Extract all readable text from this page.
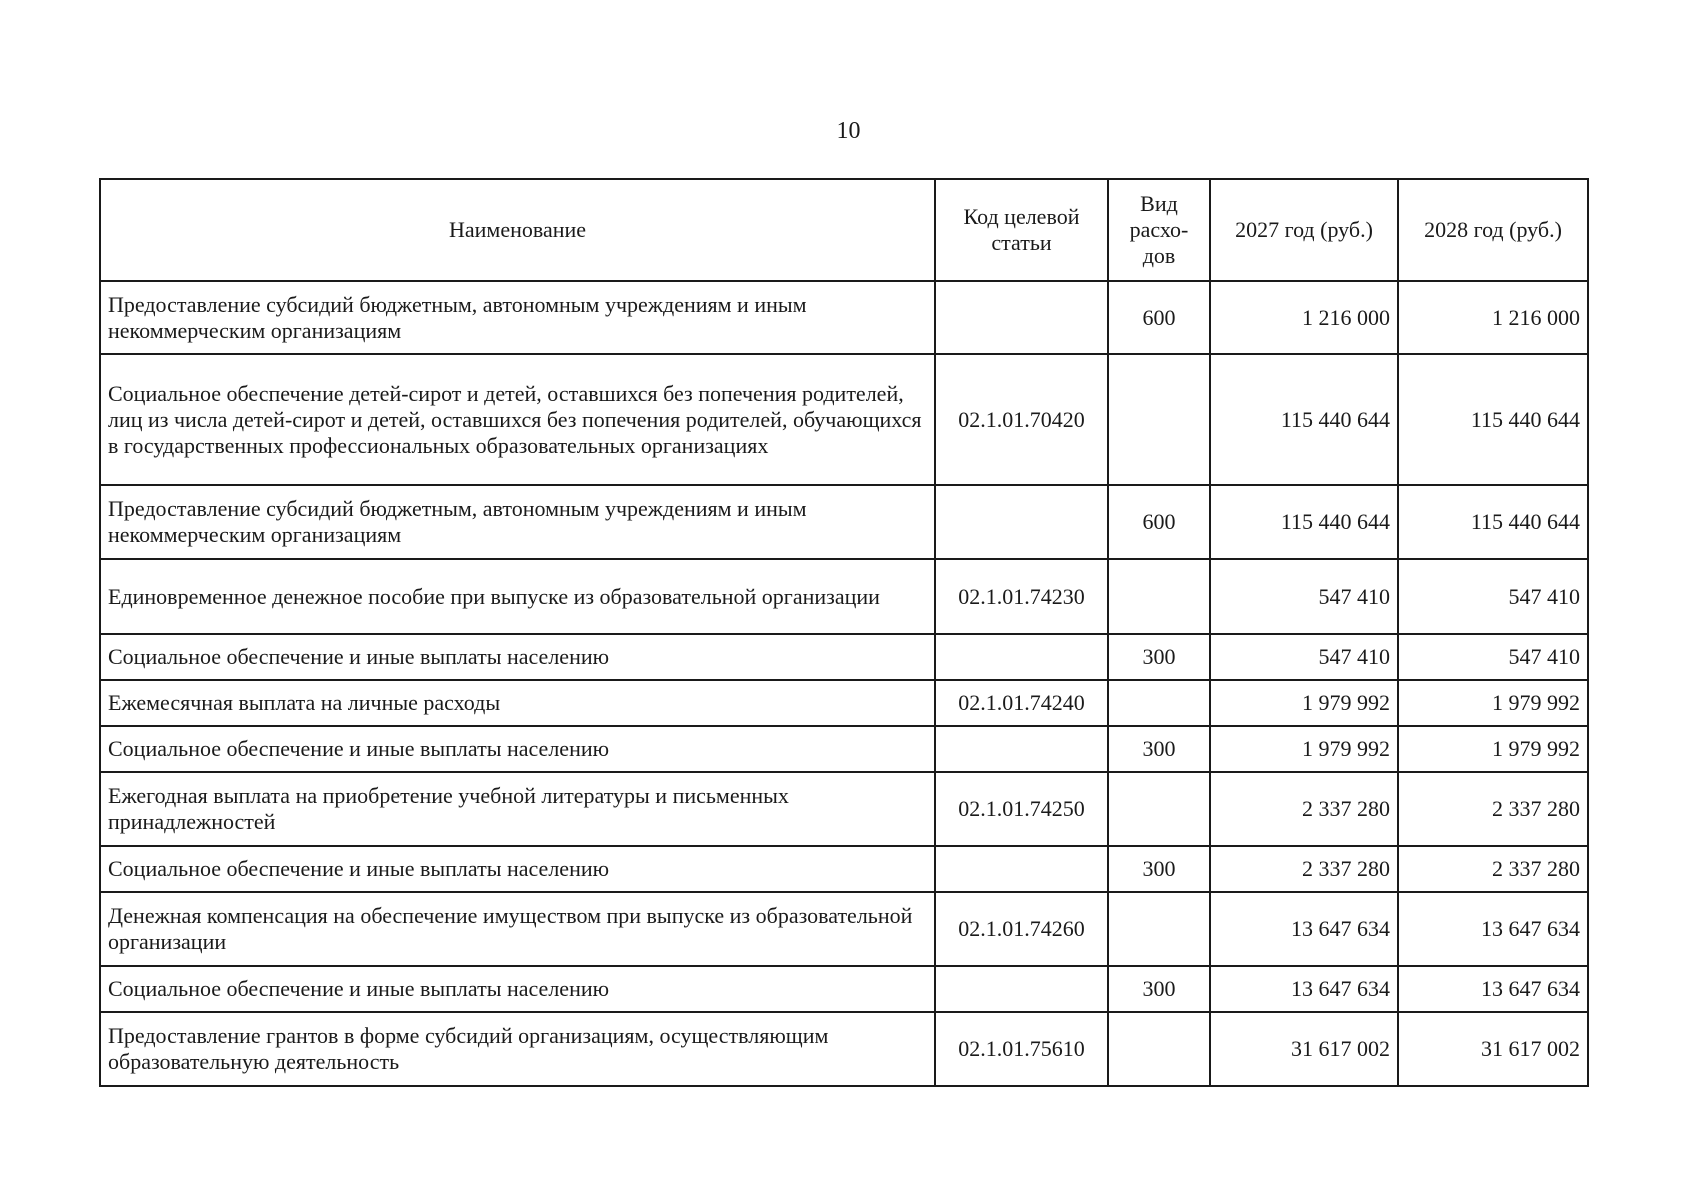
10
Наименование	Код целевой статьи	Вид расхо-дов	2027 год (руб.)	2028 год (руб.)
Предоставление субсидий бюджетным, автономным учреждениям и иным некоммерческим организациям		600	1 216 000	1 216 000
Социальное обеспечение детей-сирот и детей, оставшихся без попечения родителей, лиц из числа детей-сирот и детей, оставшихся без попечения родителей, обучающихся в государственных профессиональных образовательных организациях	02.1.01.70420		115 440 644	115 440 644
Предоставление субсидий бюджетным, автономным учреждениям и иным некоммерческим организациям		600	115 440 644	115 440 644
Единовременное денежное пособие при выпуске из образовательной организации	02.1.01.74230		547 410	547 410
Социальное обеспечение и иные выплаты населению		300	547 410	547 410
Ежемесячная выплата на личные расходы	02.1.01.74240		1 979 992	1 979 992
Социальное обеспечение и иные выплаты населению		300	1 979 992	1 979 992
Ежегодная выплата на приобретение учебной литературы и письменных принадлежностей	02.1.01.74250		2 337 280	2 337 280
Социальное обеспечение и иные выплаты населению		300	2 337 280	2 337 280
Денежная компенсация на обеспечение имуществом при выпуске из образовательной организации	02.1.01.74260		13 647 634	13 647 634
Социальное обеспечение и иные выплаты населению		300	13 647 634	13 647 634
Предоставление грантов в форме субсидий организациям, осуществляющим образовательную деятельность	02.1.01.75610		31 617 002	31 617 002
